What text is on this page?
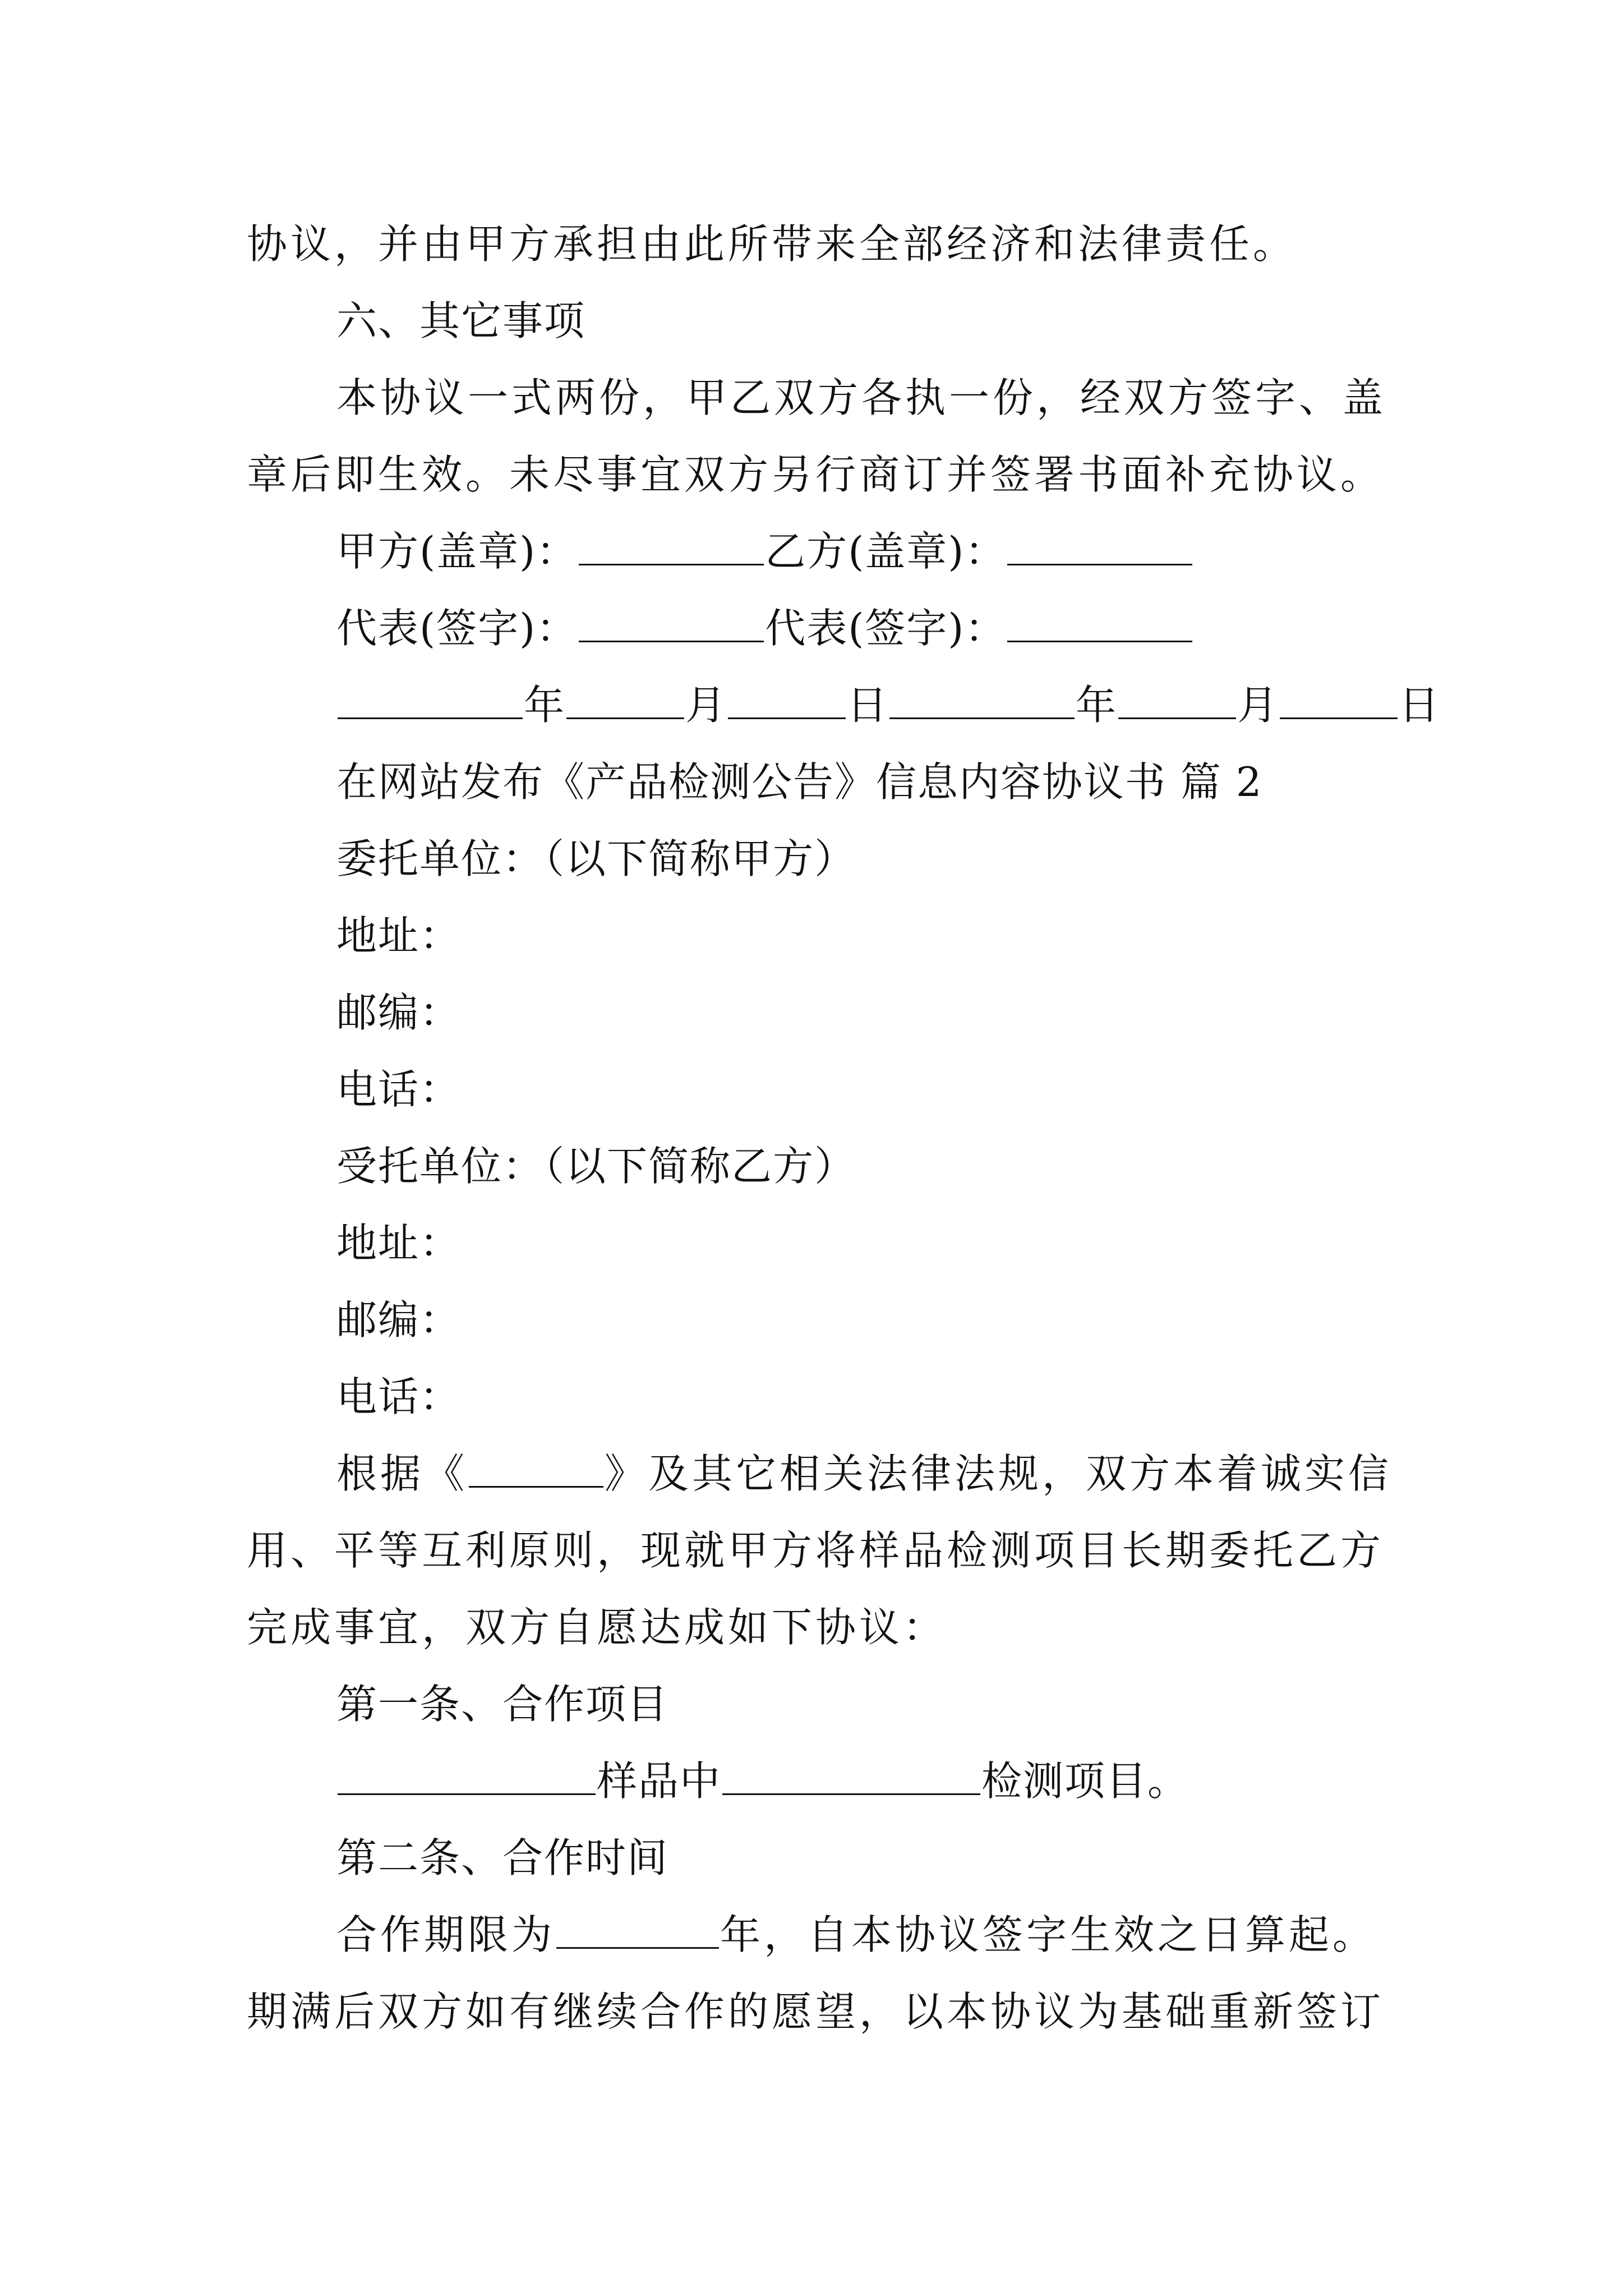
协议，并由甲方承担由此所带来全部经济和法律责任。
六、其它事项
本协议一式两份，甲乙双方各执一份，经双方签字、盖
章后即生效。未尽事宜双方另行商订并签署书面补充协议。
甲方(盖章)：	乙方(盖章)：
代表(签字)：	代表(签字)：
年	月	日	年	月	日
在网站发布《产品检测公告》信息内容协议书 篇 2
委托单位：（以下简称甲方）
地址：
邮编：
电话：
受托单位：（以下简称乙方）
地址：
邮编：
电话：
根据《	》及其它相关法律法规，双方本着诚实信
用、平等互利原则，现就甲方将样品检测项目长期委托乙方
完成事宜，双方自愿达成如下协议：
第一条、合作项目
样品中	检测项目。
第二条、合作时间
合作期限为	年，自本协议签字生效之日算起。
期满后双方如有继续合作的愿望，以本协议为基础重新签订
